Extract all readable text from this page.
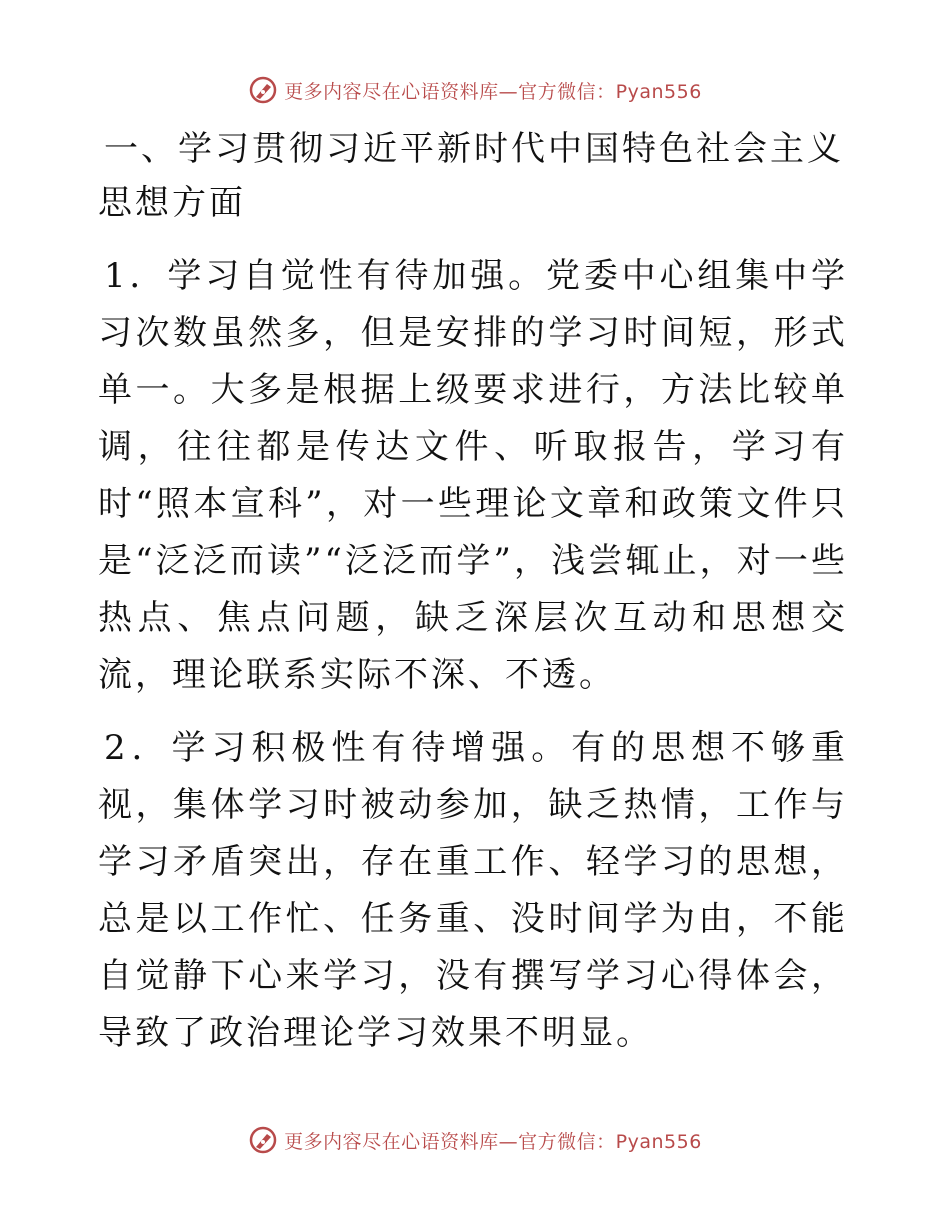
更多内容尽在心语资料库—官方微信：Pyan556
一、学习贯彻习近平新时代中国特色社会主义思想方面

1．学习自觉性有待加强。党委中心组集中学习次数虽然多，但是安排的学习时间短，形式单一。大多是根据上级要求进行，方法比较单调，往往都是传达文件、听取报告，学习有时“照本宣科”，对一些理论文章和政策文件只是“泛泛而读”“泛泛而学”，浅尝辄止，对一些热点、焦点问题，缺乏深层次互动和思想交流，理论联系实际不深、不透。

2．学习积极性有待增强。有的思想不够重视，集体学习时被动参加，缺乏热情，工作与学习矛盾突出，存在重工作、轻学习的思想，总是以工作忙、任务重、没时间学为由，不能自觉静下心来学习，没有撰写学习心得体会，导致了政治理论学习效果不明显。

更多内容尽在心语资料库—官方微信：Pyan556
